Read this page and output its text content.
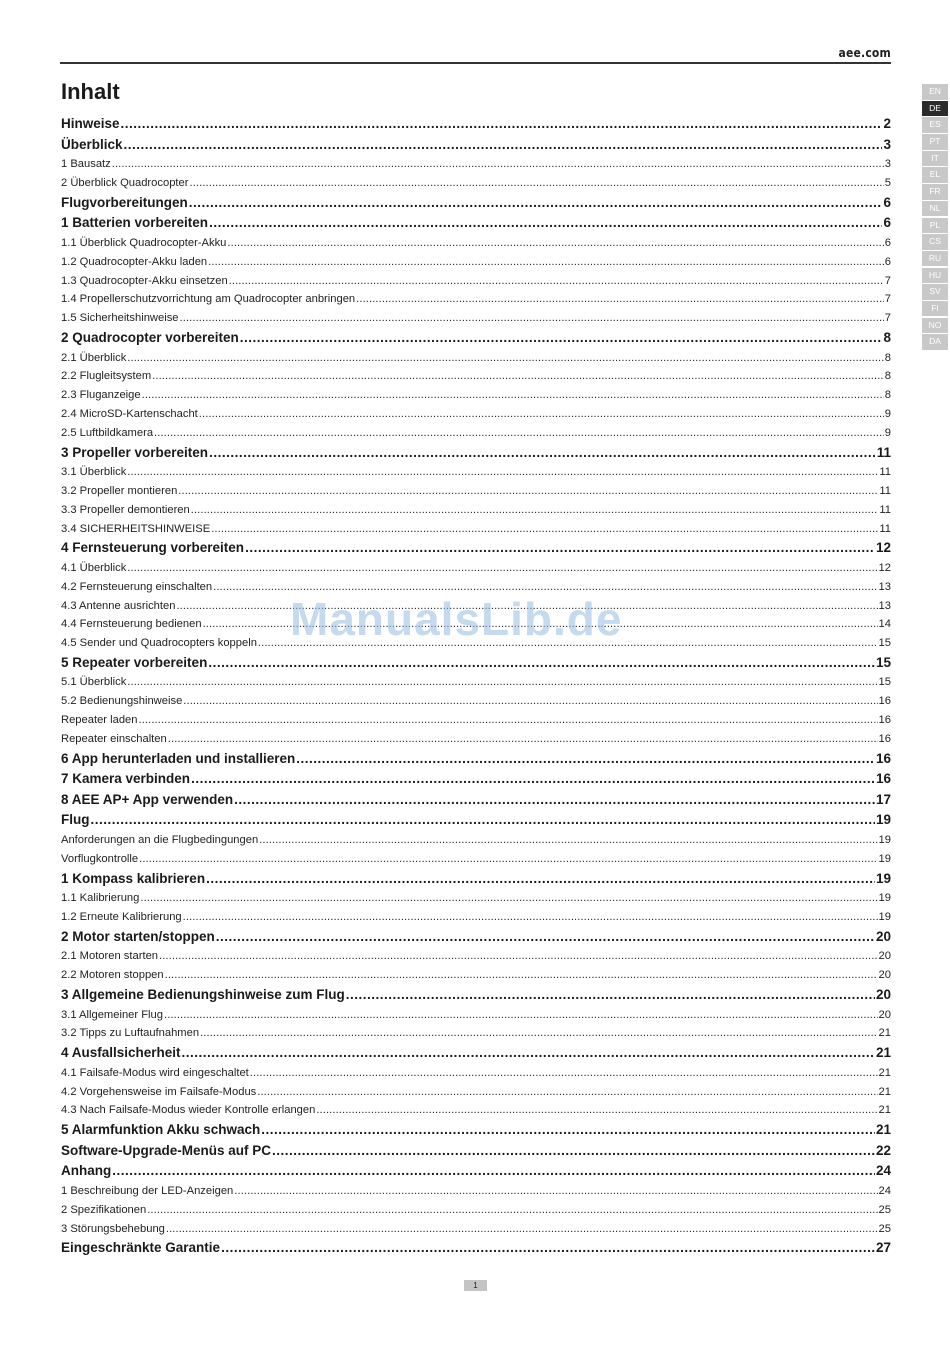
aee.com
Inhalt
Hinweise .....	2
Überblick .....	3
1 Bausatz .....	3
2 Überblick Quadrocopter .....	5
Flugvorbereitungen .....	6
1 Batterien vorbereiten .....	6
1.1 Überblick Quadrocopter-Akku .....	6
1.2 Quadrocopter-Akku laden .....	6
1.3 Quadrocopter-Akku einsetzen .....	7
1.4 Propellerschutzvorrichtung am Quadrocopter anbringen .....	7
1.5 Sicherheitshinweise .....	7
2 Quadrocopter vorbereiten .....	8
2.1 Überblick .....	8
2.2 Flugleitsystem .....	8
2.3 Fluganzeige .....	8
2.4 MicroSD-Kartenschacht .....	9
2.5 Luftbildkamera .....	9
3 Propeller vorbereiten .....	11
3.1 Überblick .....	11
3.2 Propeller montieren .....	11
3.3 Propeller demontieren .....	11
3.4 SICHERHEITSHINWEISE .....	11
4 Fernsteuerung vorbereiten .....	12
4.1 Überblick .....	12
4.2 Fernsteuerung einschalten .....	13
4.3 Antenne ausrichten .....	13
4.4 Fernsteuerung bedienen .....	14
4.5 Sender und Quadrocopters koppeln .....	15
5 Repeater vorbereiten .....	15
5.1 Überblick .....	15
5.2 Bedienungshinweise .....	16
Repeater laden .....	16
Repeater einschalten .....	16
6 App herunterladen und installieren .....	16
7 Kamera verbinden .....	16
8 AEE AP+ App verwenden .....	17
Flug .....	19
Anforderungen an die Flugbedingungen .....	19
Vorflugkontrolle .....	19
1 Kompass kalibrieren .....	19
1.1 Kalibrierung .....	19
1.2 Erneute Kalibrierung .....	19
2 Motor starten/stoppen .....	20
2.1 Motoren starten .....	20
2.2 Motoren stoppen .....	20
3 Allgemeine Bedienungshinweise zum Flug .....	20
3.1 Allgemeiner Flug .....	20
3.2 Tipps zu Luftaufnahmen .....	21
4 Ausfallsicherheit .....	21
4.1 Failsafe-Modus wird eingeschaltet .....	21
4.2 Vorgehensweise im Failsafe-Modus .....	21
4.3 Nach Failsafe-Modus wieder Kontrolle erlangen .....	21
5 Alarmfunktion Akku schwach .....	21
Software-Upgrade-Menüs auf PC .....	22
Anhang .....	24
1 Beschreibung der LED-Anzeigen .....	24
2 Spezifikationen .....	25
3 Störungsbehebung .....	25
Eingeschränkte Garantie .....	27
EN
DE
ES
PT
IT
EL
FR
NL
PL
CS
RU
HU
SV
FI
NO
DA
ManualsLib.de
1
